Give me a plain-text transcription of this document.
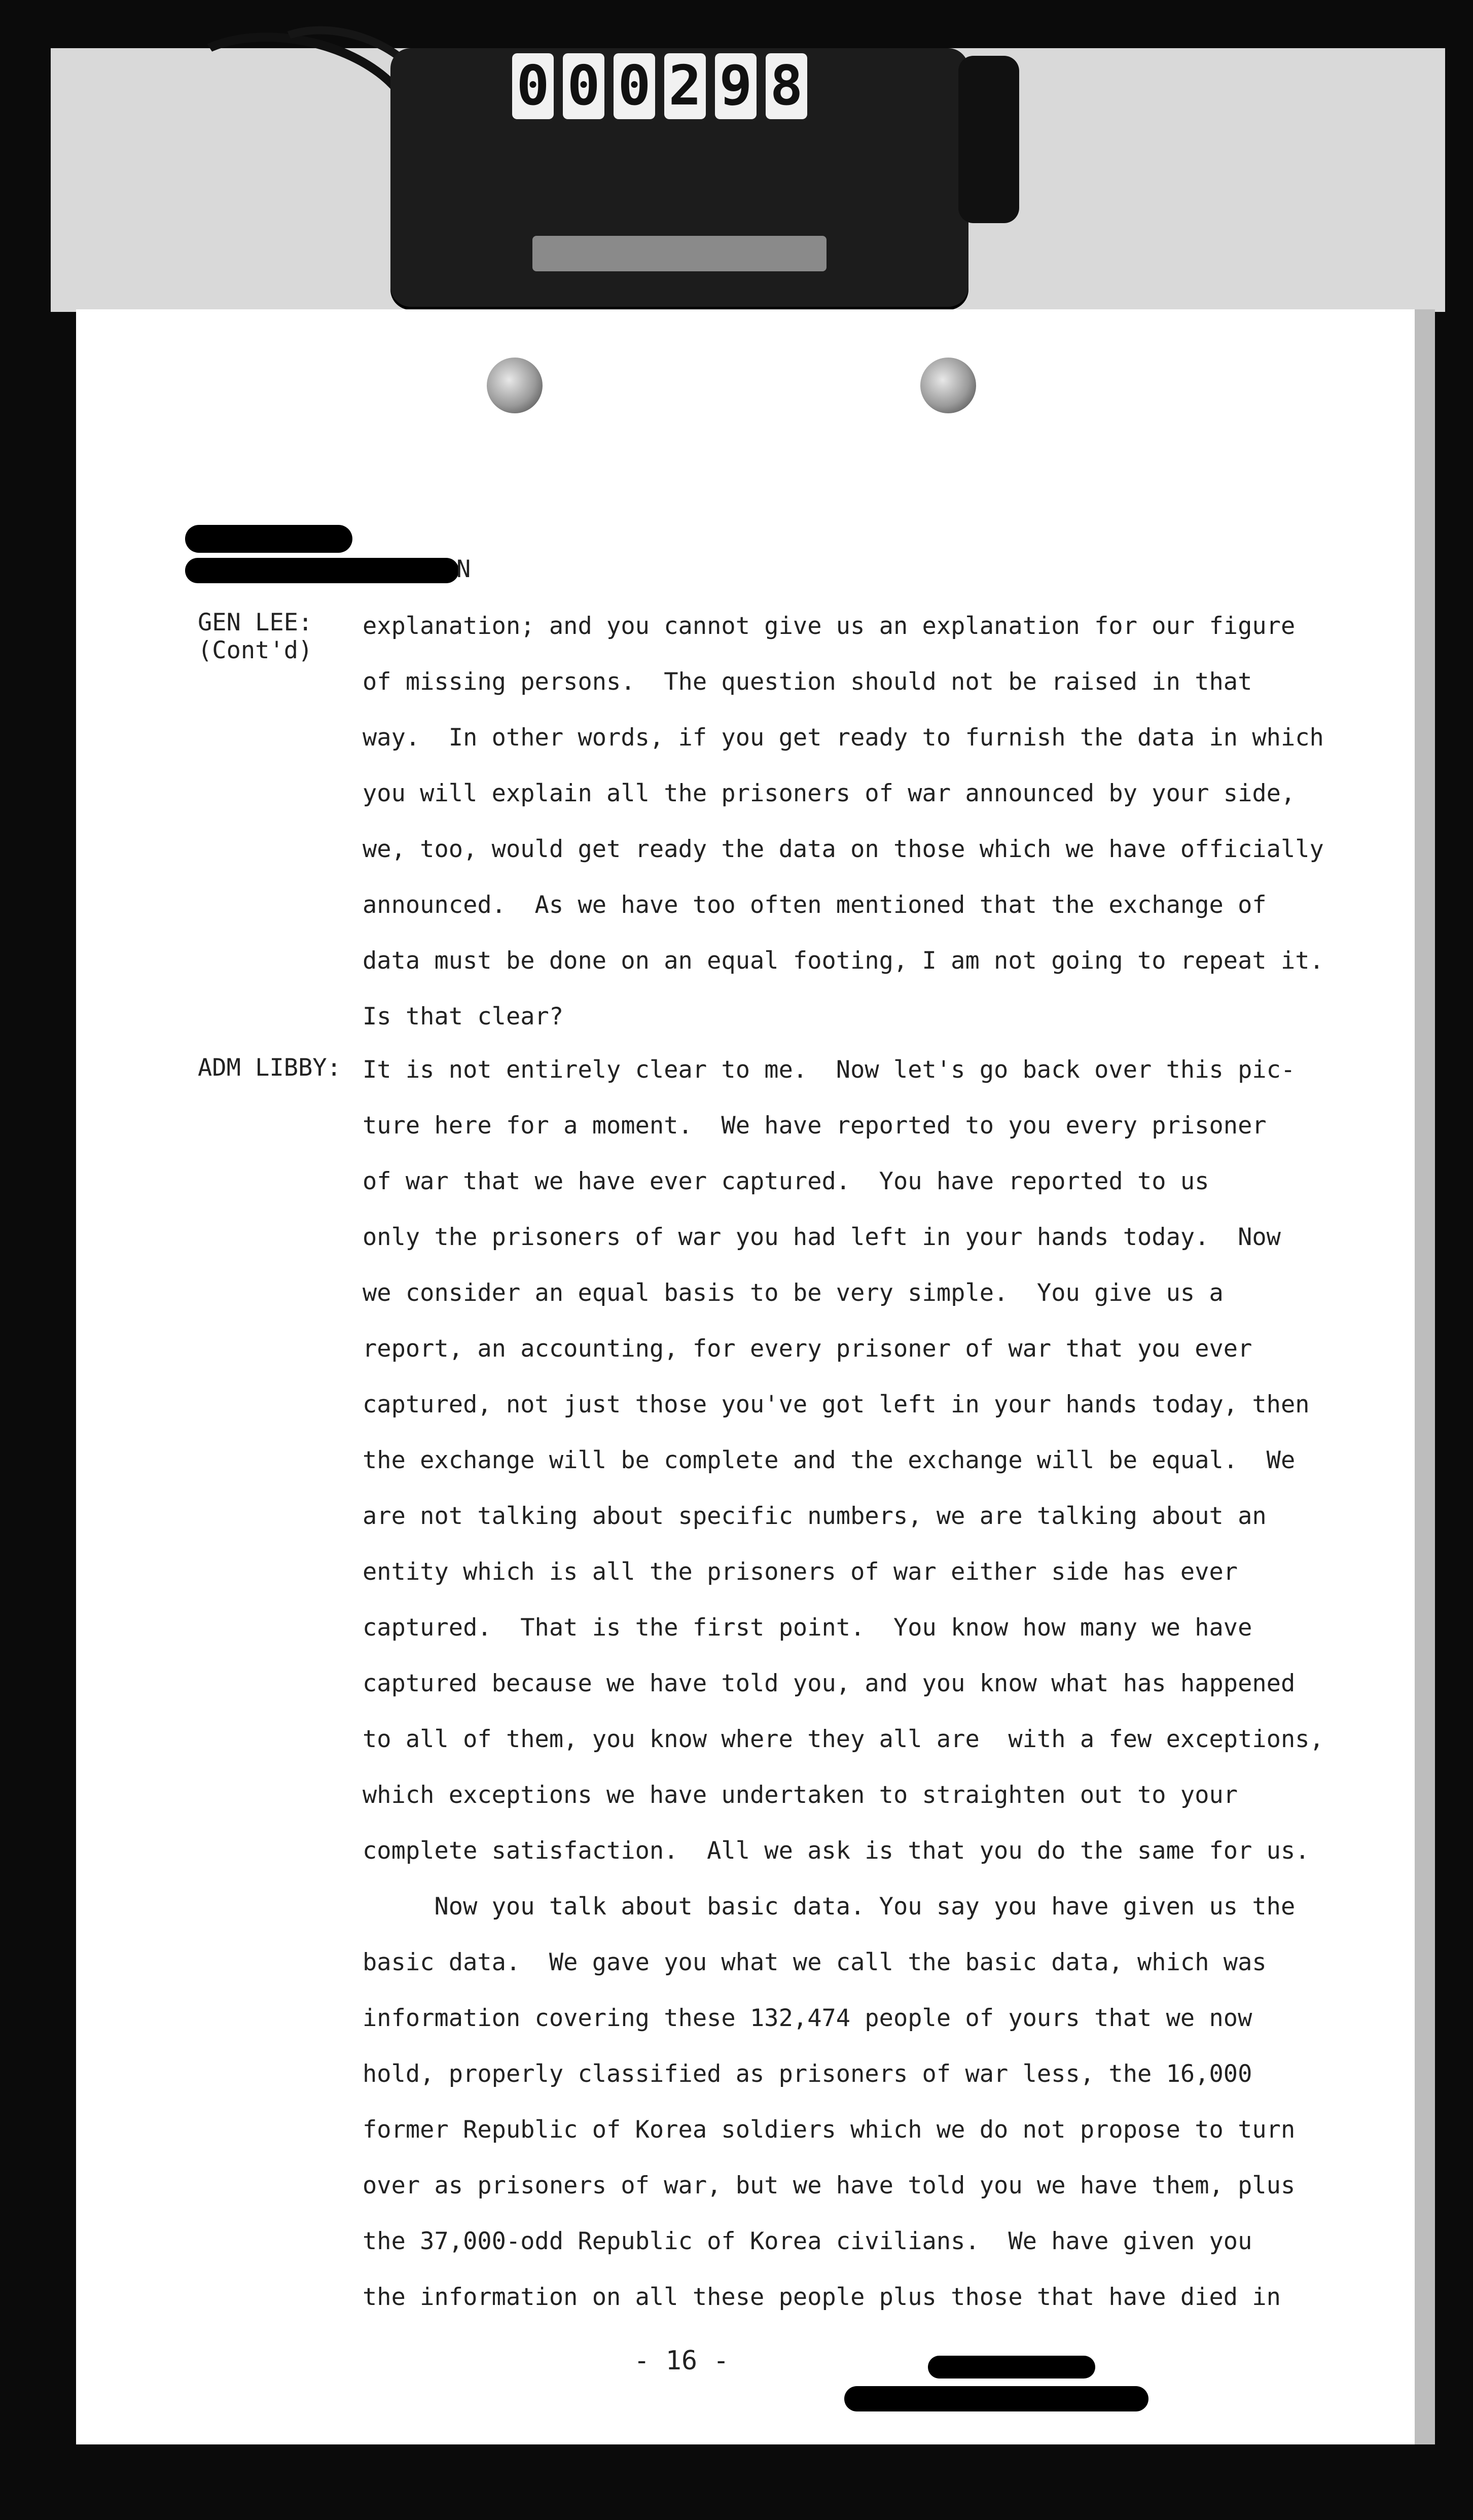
0 0 0 2 9 8
N
GEN LEE:
(Cont'd)
explanation; and you cannot give us an explanation for our figure
of missing persons.  The question should not be raised in that
way.  In other words, if you get ready to furnish the data in which
you will explain all the prisoners of war announced by your side,
we, too, would get ready the data on those which we have officially
announced.  As we have too often mentioned that the exchange of
data must be done on an equal footing, I am not going to repeat it.
Is that clear?
ADM LIBBY: It is not entirely clear to me.  Now let's go back over this pic-
ture here for a moment.  We have reported to you every prisoner
of war that we have ever captured.  You have reported to us
only the prisoners of war you had left in your hands today.  Now
we consider an equal basis to be very simple.  You give us a
report, an accounting, for every prisoner of war that you ever
captured, not just those you've got left in your hands today, then
the exchange will be complete and the exchange will be equal.  We
are not talking about specific numbers, we are talking about an
entity which is all the prisoners of war either side has ever
captured.  That is the first point.  You know how many we have
captured because we have told you, and you know what has happened
to all of them, you know where they all are  with a few exceptions,
which exceptions we have undertaken to straighten out to your
complete satisfaction.  All we ask is that you do the same for us.
Now you talk about basic data. You say you have given us the
basic data.  We gave you what we call the basic data, which was
information covering these 132,474 people of yours that we now
hold, properly classified as prisoners of war less, the 16,000
former Republic of Korea soldiers which we do not propose to turn
over as prisoners of war, but we have told you we have them, plus
the 37,000-odd Republic of Korea civilians.  We have given you
the information on all these people plus those that have died in
- 16 -
